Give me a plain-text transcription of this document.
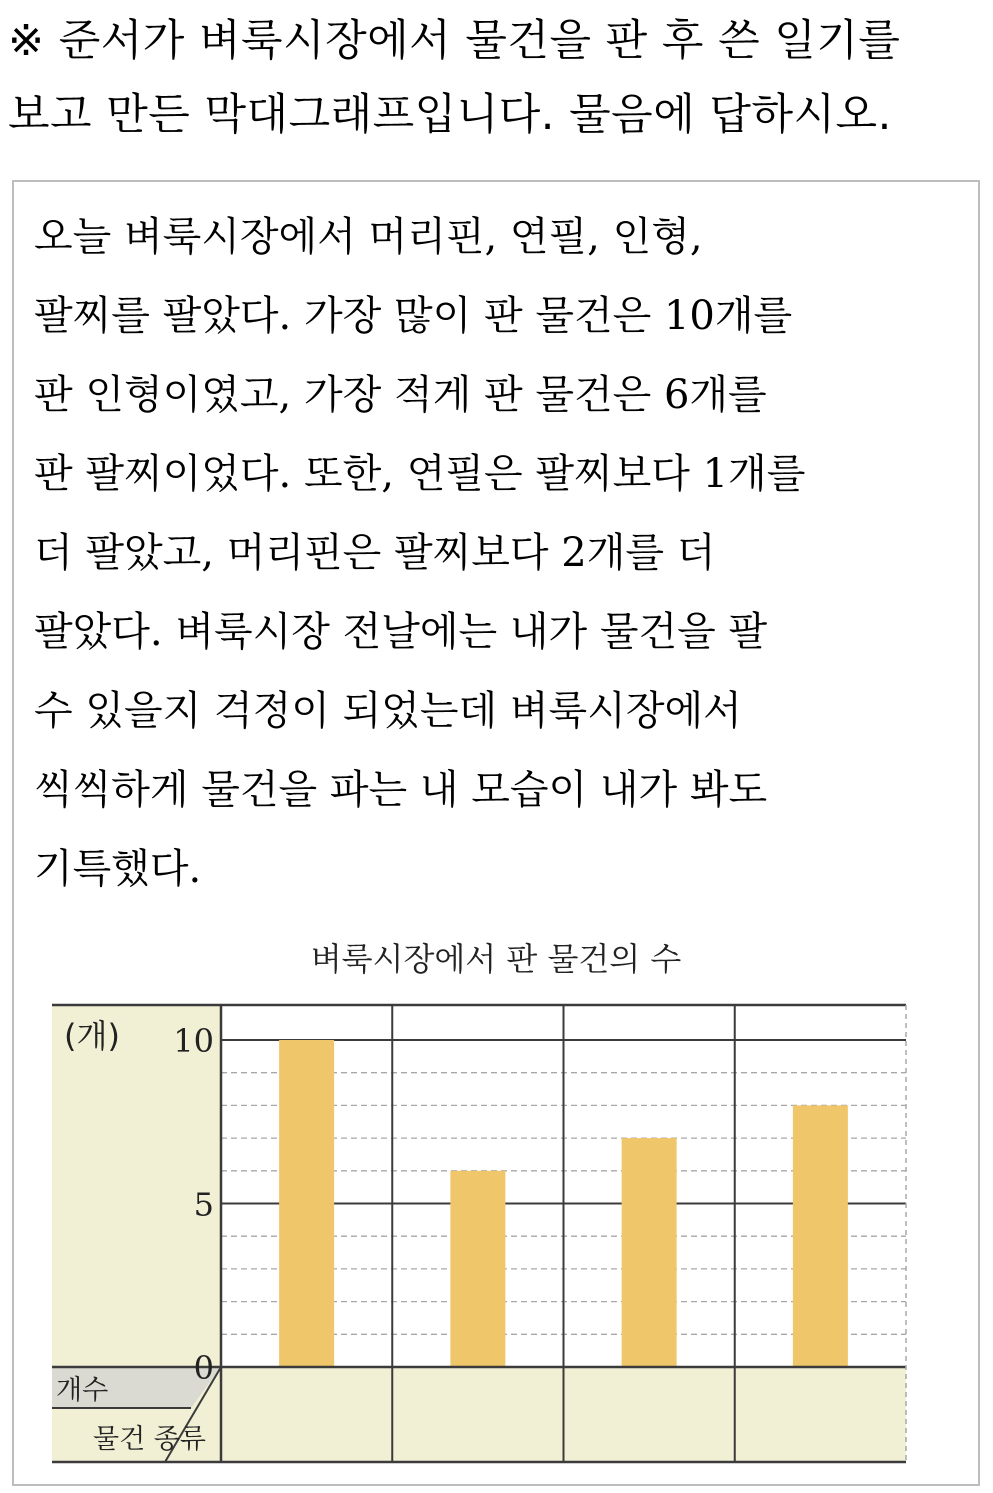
※ 준서가 벼룩시장에서 물건을 판 후 쓴 일기를
보고 만든 막대그래프입니다. 물음에 답하시오.
오늘 벼룩시장에서 머리핀, 연필, 인형,
팔찌를 팔았다. 가장 많이 판 물건은 10개를
판 인형이였고, 가장 적게 판 물건은 6개를
판 팔찌이었다. 또한, 연필은 팔찌보다 1개를
더 팔았고, 머리핀은 팔찌보다 2개를 더
팔았다. 벼룩시장 전날에는 내가 물건을 팔
수 있을지 걱정이 되었는데 벼룩시장에서
씩씩하게 물건을 파는 내 모습이 내가 봐도
기특했다.
0
5
10
벼룩시장에서 판 물건의 수
(개)
개수
물건 종류
